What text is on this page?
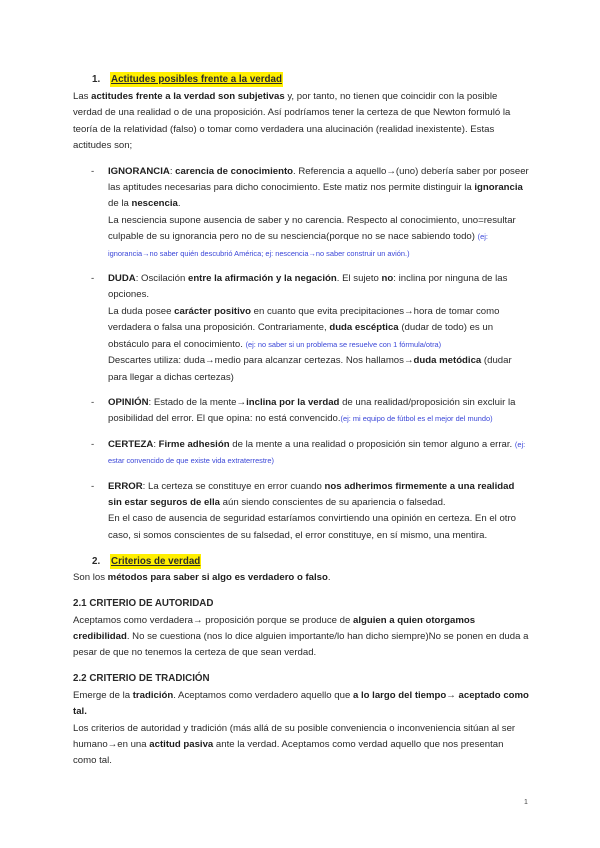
1.	Actitudes posibles frente a la verdad

Las actitudes frente a la verdad son subjetivas y, por tanto, no tienen que coincidir con la posible verdad de una realidad o de una proposición. Así podríamos tener la certeza de que Newton formuló la teoría de la relatividad (falso) o tomar como verdadera una alucinación (realidad inexistente). Estas actitudes son;

-	IGNORANCIA: carencia de conocimiento. Referencia a aquello→(uno) debería saber por poseer las aptitudes necesarias para dicho conocimiento. Este matiz nos permite distinguir la ignorancia de la nescencia.

La nesciencia supone ausencia de saber y no carencia. Respecto al conocimiento, uno=resultar culpable de su ignorancia pero no de su nesciencia(porque no se nace sabiendo todo) (ej: ignorancia→no saber quién descubrió América; ej: nescencia→no saber construir un avión.)

-	DUDA: Oscilación entre la afirmación y la negación. El sujeto no: inclina por ninguna de las opciones.

La duda posee carácter positivo en cuanto que evita precipitaciones→hora de tomar como verdadera o falsa una proposición. Contrariamente, duda escéptica (dudar de todo) es un obstáculo para el conocimiento. (ej: no saber si un problema se resuelve con 1 fórmula/otra)

Descartes utiliza: duda→medio para alcanzar certezas. Nos hallamos→duda metódica (dudar para llegar a dichas certezas)

-	OPINIÓN: Estado de la mente→inclina por la verdad de una realidad/proposición sin excluir la posibilidad del error. El que opina: no está convencido.(ej: mi equipo de fútbol es el mejor del mundo)

-	CERTEZA: Firme adhesión de la mente a una realidad o proposición sin temor alguno a errar. (ej: estar convencido de que existe vida extraterrestre)

-	ERROR: La certeza se constituye en error cuando nos adherimos firmemente a una realidad sin estar seguros de ella aún siendo conscientes de su apariencia o falsedad.

En el caso de ausencia de seguridad estaríamos convirtiendo una opinión en certeza. En el otro caso, si somos conscientes de su falsedad, el error constituye, en sí mismo, una mentira.

2.	Criterios de verdad

Son los métodos para saber si algo es verdadero o falso.

2.1 CRITERIO DE AUTORIDAD

Aceptamos como verdadera→ proposición porque se produce de alguien a quien otorgamos credibilidad. No se cuestiona (nos lo dice alguien importante/lo han dicho siempre)No se ponen en duda a pesar de que no tenemos la certeza de que sean verdad.

2.2 CRITERIO DE TRADICIÓN

Emerge de la tradición. Aceptamos como verdadero aquello que a lo largo del tiempo→ aceptado como tal.

Los criterios de autoridad y tradición (más allá de su posible conveniencia o inconveniencia sitúan al ser humano→en una actitud pasiva ante la verdad. Aceptamos como verdad aquello que nos presentan como tal.

1
